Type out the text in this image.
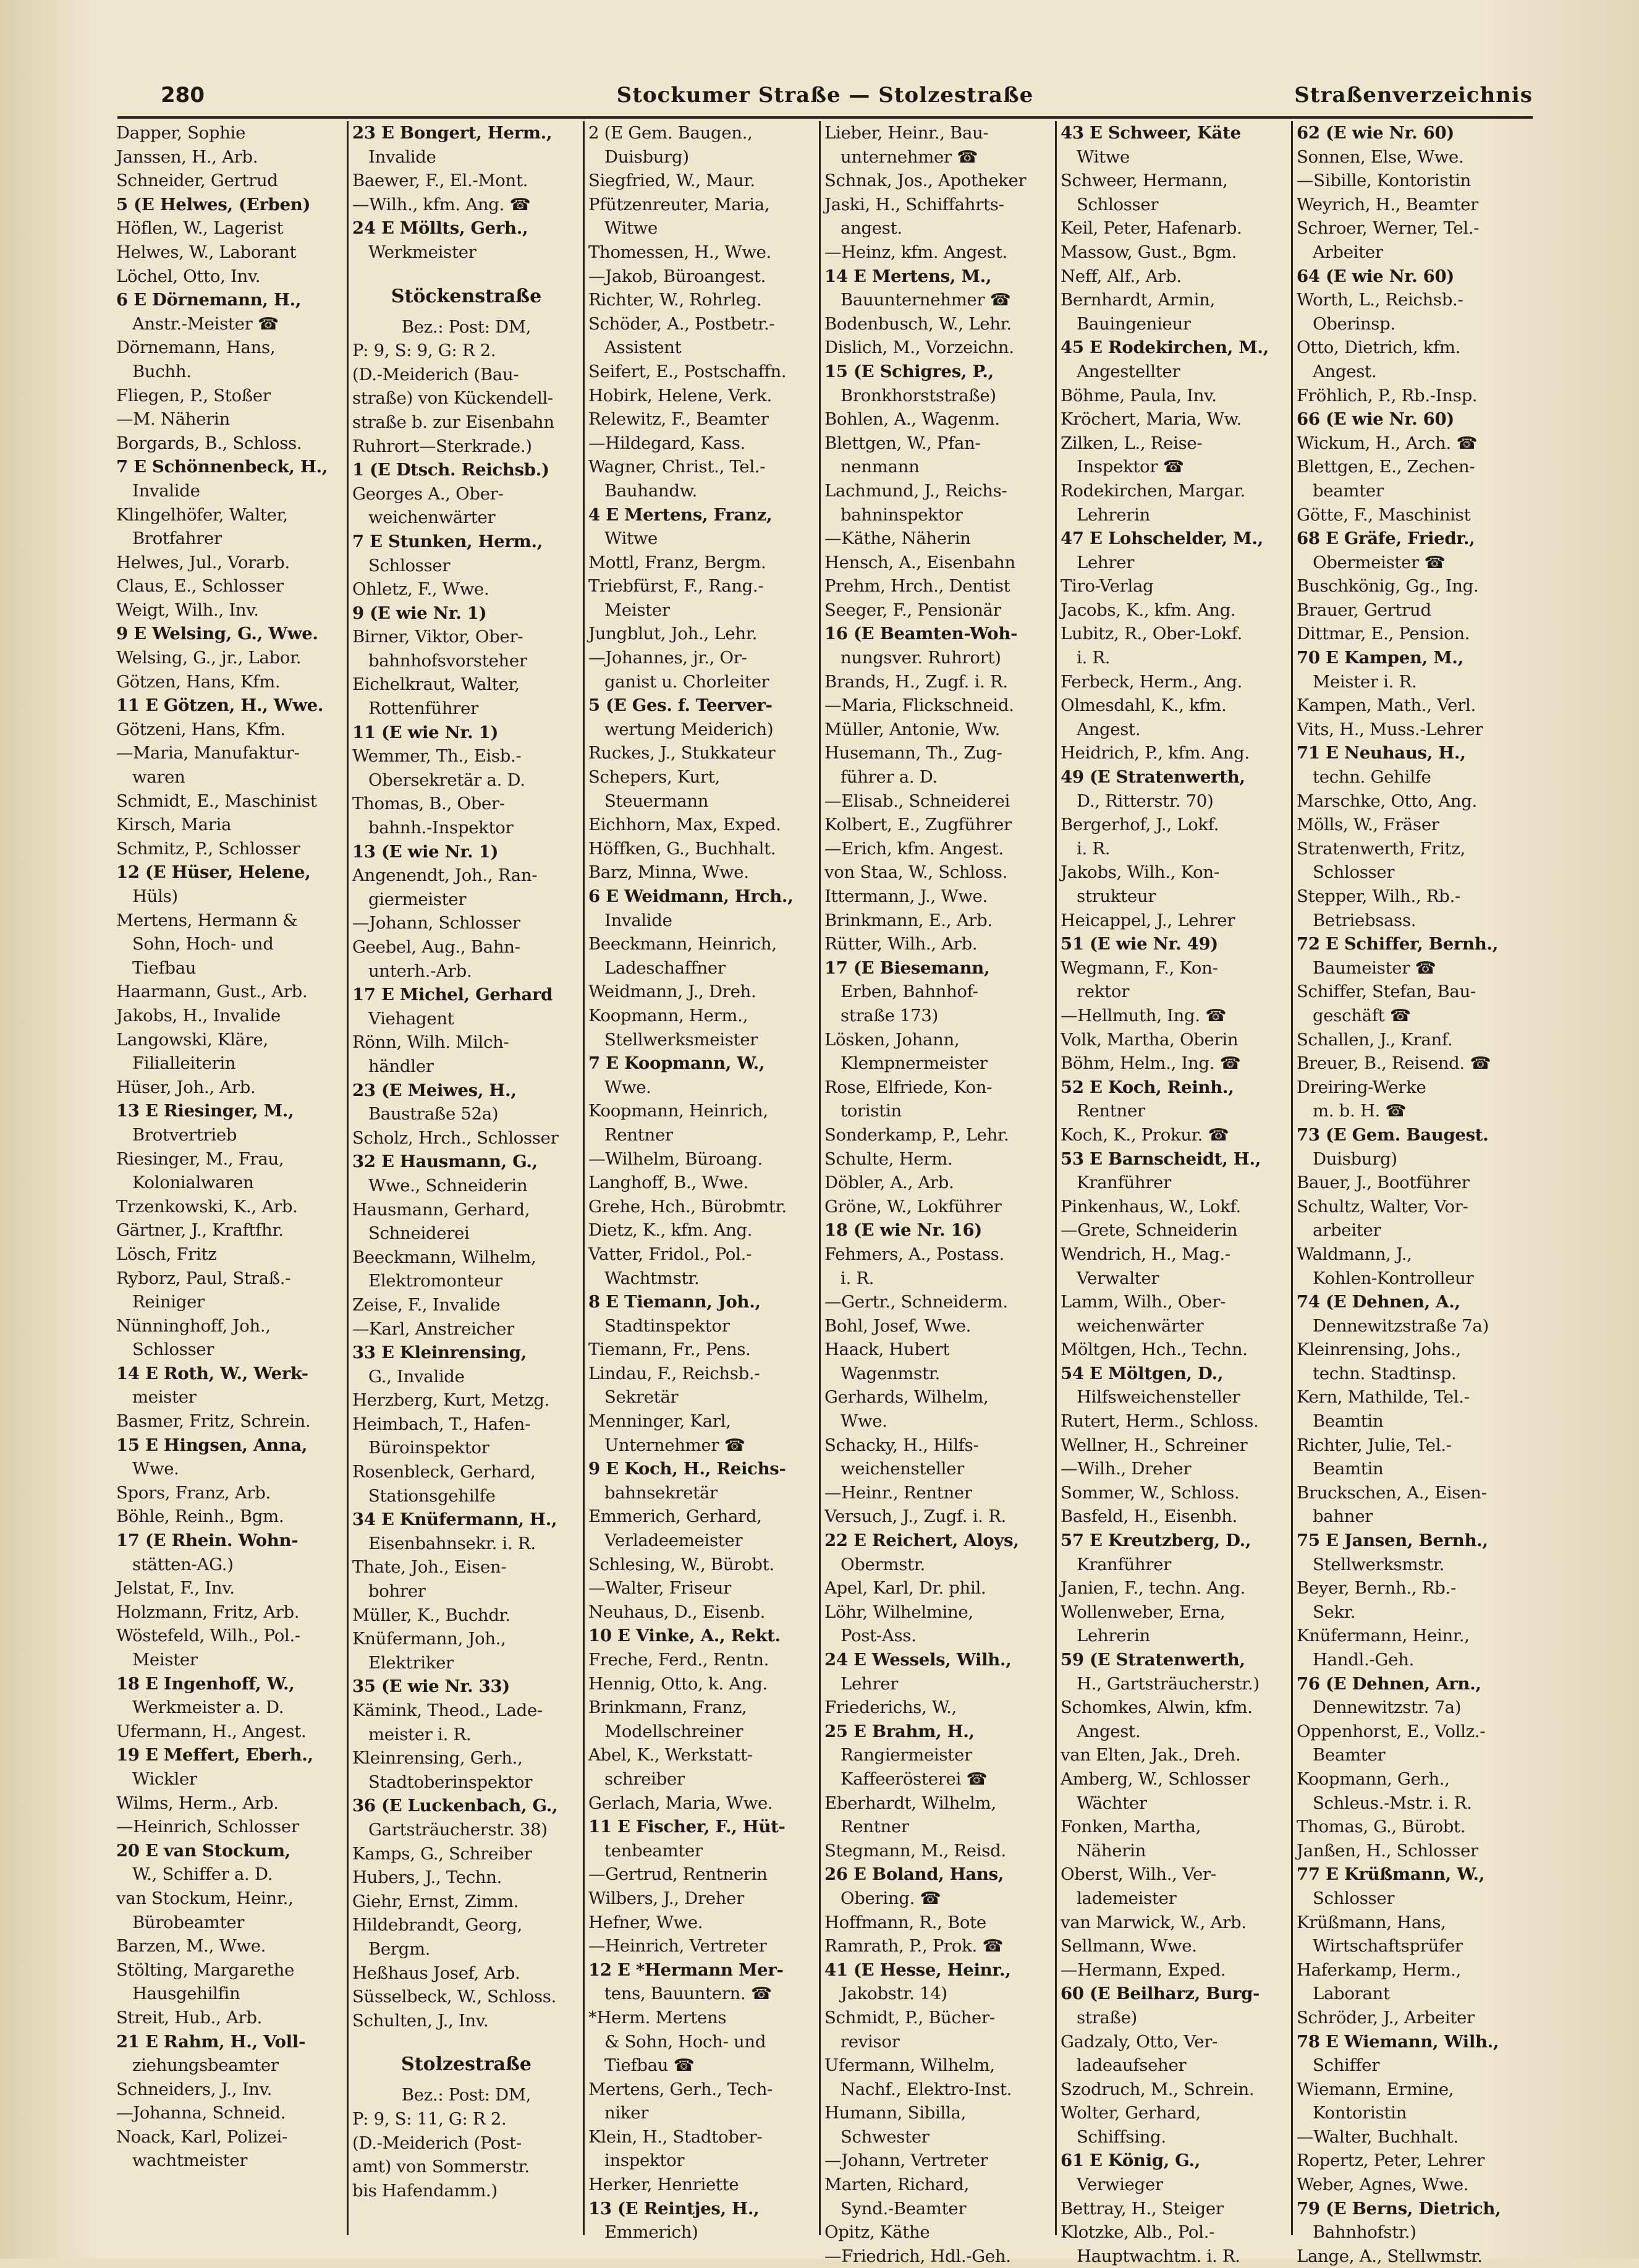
280	Stockumer Straße — Stolzestraße	Straßenverzeichnis
Dapper, Sophie
Janssen, H., Arb.
Schneider, Gertrud
5 (E Helwes, (Erben)
Höflen, W., Lagerist
Helwes, W., Laborant
Löchel, Otto, Inv.
6 E Dörnemann, H.,
Anstr.-Meister ☎
Dörnemann, Hans,
Buchh.
Fliegen, P., Stoßer
—M. Näherin
Borgards, B., Schloss.
7 E Schönnenbeck, H.,
Invalide
Klingelhöfer, Walter,
Brotfahrer
Helwes, Jul., Vorarb.
Claus, E., Schlosser
Weigt, Wilh., Inv.
9 E Welsing, G., Wwe.
Welsing, G., jr., Labor.
Götzen, Hans, Kfm.
11 E Götzen, H., Wwe.
Götzeni, Hans, Kfm.
—Maria, Manufaktur-
waren
Schmidt, E., Maschinist
Kirsch, Maria
Schmitz, P., Schlosser
12 (E Hüser, Helene,
Hüls)
Mertens, Hermann &
Sohn, Hoch- und
Tiefbau
Haarmann, Gust., Arb.
Jakobs, H., Invalide
Langowski, Kläre,
Filialleiterin
Hüser, Joh., Arb.
13 E Riesinger, M.,
Brotvertrieb
Riesinger, M., Frau,
Kolonialwaren
Trzenkowski, K., Arb.
Gärtner, J., Kraftfhr.
Lösch, Fritz
Ryborz, Paul, Straß.-
Reiniger
Nünninghoff, Joh.,
Schlosser
14 E Roth, W., Werk-
meister
Basmer, Fritz, Schrein.
15 E Hingsen, Anna,
Wwe.
Spors, Franz, Arb.
Böhle, Reinh., Bgm.
17 (E Rhein. Wohn-
stätten-AG.)
Jelstat, F., Inv.
Holzmann, Fritz, Arb.
Wöstefeld, Wilh., Pol.-
Meister
18 E Ingenhoff, W.,
Werkmeister a. D.
Ufermann, H., Angest.
19 E Meffert, Eberh.,
Wickler
Wilms, Herm., Arb.
—Heinrich, Schlosser
20 E van Stockum,
W., Schiffer a. D.
van Stockum, Heinr.,
Bürobeamter
Barzen, M., Wwe.
Stölting, Margarethe
Hausgehilfin
Streit, Hub., Arb.
21 E Rahm, H., Voll-
ziehungsbeamter
Schneiders, J., Inv.
—Johanna, Schneid.
Noack, Karl, Polizei-
wachtmeister
23 E Bongert, Herm.,
Invalide
Baewer, F., El.-Mont.
—Wilh., kfm. Ang. ☎
24 E Möllts, Gerh.,
Werkmeister
Stöckenstraße
Bez.: Post: DM,
P: 9, S: 9, G: R 2.
(D.-Meiderich (Bau-
straße) von Kückendell-
straße b. zur Eisenbahn
Ruhrort—Sterkrade.)
1 (E Dtsch. Reichsb.)
Georges A., Ober-
weichenwärter
7 E Stunken, Herm.,
Schlosser
Ohletz, F., Wwe.
9 (E wie Nr. 1)
Birner, Viktor, Ober-
bahnhofsvorsteher
Eichelkraut, Walter,
Rottenführer
11 (E wie Nr. 1)
Wemmer, Th., Eisb.-
Obersekretär a. D.
Thomas, B., Ober-
bahnh.-Inspektor
13 (E wie Nr. 1)
Angenendt, Joh., Ran-
giermeister
—Johann, Schlosser
Geebel, Aug., Bahn-
unterh.-Arb.
17 E Michel, Gerhard
Viehagent
Rönn, Wilh. Milch-
händler
23 (E Meiwes, H.,
Baustraße 52a)
Scholz, Hrch., Schlosser
32 E Hausmann, G.,
Wwe., Schneiderin
Hausmann, Gerhard,
Schneiderei
Beeckmann, Wilhelm,
Elektromonteur
Zeise, F., Invalide
—Karl, Anstreicher
33 E Kleinrensing,
G., Invalide
Herzberg, Kurt, Metzg.
Heimbach, T., Hafen-
Büroinspektor
Rosenbleck, Gerhard,
Stationsgehilfe
34 E Knüfermann, H.,
Eisenbahnsekr. i. R.
Thate, Joh., Eisen-
bohrer
Müller, K., Buchdr.
Knüfermann, Joh.,
Elektriker
35 (E wie Nr. 33)
Kämink, Theod., Lade-
meister i. R.
Kleinrensing, Gerh.,
Stadtoberinspektor
36 (E Luckenbach, G.,
Gartsträucherstr. 38)
Kamps, G., Schreiber
Hubers, J., Techn.
Giehr, Ernst, Zimm.
Hildebrandt, Georg,
Bergm.
Heßhaus Josef, Arb.
Süsselbeck, W., Schloss.
Schulten, J., Inv.
Stolzestraße
Bez.: Post: DM,
P: 9, S: 11, G: R 2.
(D.-Meiderich (Post-
amt) von Sommerstr.
bis Hafendamm.)
2 (E Gem. Baugen.,
Duisburg)
Siegfried, W., Maur.
Pfützenreuter, Maria,
Witwe
Thomessen, H., Wwe.
—Jakob, Büroangest.
Richter, W., Rohrleg.
Schöder, A., Postbetr.-
Assistent
Seifert, E., Postschaffn.
Hobirk, Helene, Verk.
Relewitz, F., Beamter
—Hildegard, Kass.
Wagner, Christ., Tel.-
Bauhandw.
4 E Mertens, Franz,
Witwe
Mottl, Franz, Bergm.
Triebfürst, F., Rang.-
Meister
Jungblut, Joh., Lehr.
—Johannes, jr., Or-
ganist u. Chorleiter
5 (E Ges. f. Teerver-
wertung Meiderich)
Ruckes, J., Stukkateur
Schepers, Kurt,
Steuermann
Eichhorn, Max, Exped.
Höffken, G., Buchhalt.
Barz, Minna, Wwe.
6 E Weidmann, Hrch.,
Invalide
Beeckmann, Heinrich,
Ladeschaffner
Weidmann, J., Dreh.
Koopmann, Herm.,
Stellwerksmeister
7 E Koopmann, W.,
Wwe.
Koopmann, Heinrich,
Rentner
—Wilhelm, Büroang.
Langhoff, B., Wwe.
Grehe, Hch., Bürobmtr.
Dietz, K., kfm. Ang.
Vatter, Fridol., Pol.-
Wachtmstr.
8 E Tiemann, Joh.,
Stadtinspektor
Tiemann, Fr., Pens.
Lindau, F., Reichsb.-
Sekretär
Menninger, Karl,
Unternehmer ☎
9 E Koch, H., Reichs-
bahnsekretär
Emmerich, Gerhard,
Verladeemeister
Schlesing, W., Bürobt.
—Walter, Friseur
Neuhaus, D., Eisenb.
10 E Vinke, A., Rekt.
Freche, Ferd., Rentn.
Hennig, Otto, k. Ang.
Brinkmann, Franz,
Modellschreiner
Abel, K., Werkstatt-
schreiber
Gerlach, Maria, Wwe.
11 E Fischer, F., Hüt-
tenbeamter
—Gertrud, Rentnerin
Wilbers, J., Dreher
Hefner, Wwe.
—Heinrich, Vertreter
12 E *Hermann Mer-
tens, Bauuntern. ☎
*Herm. Mertens
& Sohn, Hoch- und
Tiefbau ☎
Mertens, Gerh., Tech-
niker
Klein, H., Stadtober-
inspektor
Herker, Henriette
13 (E Reintjes, H.,
Emmerich)
Lieber, Heinr., Bau-
unternehmer ☎
Schnak, Jos., Apotheker
Jaski, H., Schiffahrts-
angest.
—Heinz, kfm. Angest.
14 E Mertens, M.,
Bauunternehmer ☎
Bodenbusch, W., Lehr.
Dislich, M., Vorzeichn.
15 (E Schigres, P.,
Bronkhorststraße)
Bohlen, A., Wagenm.
Blettgen, W., Pfan-
nenmann
Lachmund, J., Reichs-
bahninspektor
—Käthe, Näherin
Hensch, A., Eisenbahn
Prehm, Hrch., Dentist
Seeger, F., Pensionär
16 (E Beamten-Woh-
nungsver. Ruhrort)
Brands, H., Zugf. i. R.
—Maria, Flickschneid.
Müller, Antonie, Ww.
Husemann, Th., Zug-
führer a. D.
—Elisab., Schneiderei
Kolbert, E., Zugführer
—Erich, kfm. Angest.
von Staa, W., Schloss.
Ittermann, J., Wwe.
Brinkmann, E., Arb.
Rütter, Wilh., Arb.
17 (E Biesemann,
Erben, Bahnhof-
straße 173)
Lösken, Johann,
Klempnermeister
Rose, Elfriede, Kon-
toristin
Sonderkamp, P., Lehr.
Schulte, Herm.
Döbler, A., Arb.
Gröne, W., Lokführer
18 (E wie Nr. 16)
Fehmers, A., Postass.
i. R.
—Gertr., Schneiderm.
Bohl, Josef, Wwe.
Haack, Hubert
Wagenmstr.
Gerhards, Wilhelm,
Wwe.
Schacky, H., Hilfs-
weichensteller
—Heinr., Rentner
Versuch, J., Zugf. i. R.
22 E Reichert, Aloys,
Obermstr.
Apel, Karl, Dr. phil.
Löhr, Wilhelmine,
Post-Ass.
24 E Wessels, Wilh.,
Lehrer
Friederichs, W.,
25 E Brahm, H.,
Rangiermeister
Kaffeerösterei ☎
Eberhardt, Wilhelm,
Rentner
Stegmann, M., Reisd.
26 E Boland, Hans,
Obering. ☎
Hoffmann, R., Bote
Ramrath, P., Prok. ☎
41 (E Hesse, Heinr.,
Jakobstr. 14)
Schmidt, P., Bücher-
revisor
Ufermann, Wilhelm,
Nachf., Elektro-Inst.
Humann, Sibilla,
Schwester
—Johann, Vertreter
Marten, Richard,
Synd.-Beamter
Opitz, Käthe
—Friedrich, Hdl.-Geh.
43 E Schweer, Käte
Witwe
Schweer, Hermann,
Schlosser
Keil, Peter, Hafenarb.
Massow, Gust., Bgm.
Neff, Alf., Arb.
Bernhardt, Armin,
Bauingenieur
45 E Rodekirchen, M.,
Angestellter
Böhme, Paula, Inv.
Kröchert, Maria, Ww.
Zilken, L., Reise-
Inspektor ☎
Rodekirchen, Margar.
Lehrerin
47 E Lohschelder, M.,
Lehrer
Tiro-Verlag
Jacobs, K., kfm. Ang.
Lubitz, R., Ober-Lokf.
i. R.
Ferbeck, Herm., Ang.
Olmesdahl, K., kfm.
Angest.
Heidrich, P., kfm. Ang.
49 (E Stratenwerth,
D., Ritterstr. 70)
Bergerhof, J., Lokf.
i. R.
Jakobs, Wilh., Kon-
strukteur
Heicappel, J., Lehrer
51 (E wie Nr. 49)
Wegmann, F., Kon-
rektor
—Hellmuth, Ing. ☎
Volk, Martha, Oberin
Böhm, Helm., Ing. ☎
52 E Koch, Reinh.,
Rentner
Koch, K., Prokur. ☎
53 E Barnscheidt, H.,
Kranführer
Pinkenhaus, W., Lokf.
—Grete, Schneiderin
Wendrich, H., Mag.-
Verwalter
Lamm, Wilh., Ober-
weichenwärter
Möltgen, Hch., Techn.
54 E Möltgen, D.,
Hilfsweichensteller
Rutert, Herm., Schloss.
Wellner, H., Schreiner
—Wilh., Dreher
Sommer, W., Schloss.
Basfeld, H., Eisenbh.
57 E Kreutzberg, D.,
Kranführer
Janien, F., techn. Ang.
Wollenweber, Erna,
Lehrerin
59 (E Stratenwerth,
H., Gartsträucherstr.)
Schomkes, Alwin, kfm.
Angest.
van Elten, Jak., Dreh.
Amberg, W., Schlosser
Wächter
Fonken, Martha,
Näherin
Oberst, Wilh., Ver-
lademeister
van Marwick, W., Arb.
Sellmann, Wwe.
—Hermann, Exped.
60 (E Beilharz, Burg-
straße)
Gadzaly, Otto, Ver-
ladeaufseher
Szodruch, M., Schrein.
Wolter, Gerhard,
Schiffsing.
61 E König, G.,
Verwieger
Bettray, H., Steiger
Klotzke, Alb., Pol.-
Hauptwachtm. i. R.
62 (E wie Nr. 60)
Sonnen, Else, Wwe.
—Sibille, Kontoristin
Weyrich, H., Beamter
Schroer, Werner, Tel.-
Arbeiter
64 (E wie Nr. 60)
Worth, L., Reichsb.-
Oberinsp.
Otto, Dietrich, kfm.
Angest.
Fröhlich, P., Rb.-Insp.
66 (E wie Nr. 60)
Wickum, H., Arch. ☎
Blettgen, E., Zechen-
beamter
Götte, F., Maschinist
68 E Gräfe, Friedr.,
Obermeister ☎
Buschkönig, Gg., Ing.
Brauer, Gertrud
Dittmar, E., Pension.
70 E Kampen, M.,
Meister i. R.
Kampen, Math., Verl.
Vits, H., Muss.-Lehrer
71 E Neuhaus, H.,
techn. Gehilfe
Marschke, Otto, Ang.
Mölls, W., Fräser
Stratenwerth, Fritz,
Schlosser
Stepper, Wilh., Rb.-
Betriebsass.
72 E Schiffer, Bernh.,
Baumeister ☎
Schiffer, Stefan, Bau-
geschäft ☎
Schallen, J., Kranf.
Breuer, B., Reisend. ☎
Dreiring-Werke
m. b. H. ☎
73 (E Gem. Baugest.
Duisburg)
Bauer, J., Bootführer
Schultz, Walter, Vor-
arbeiter
Waldmann, J.,
Kohlen-Kontrolleur
74 (E Dehnen, A.,
Dennewitzstraße 7a)
Kleinrensing, Johs.,
techn. Stadtinsp.
Kern, Mathilde, Tel.-
Beamtin
Richter, Julie, Tel.-
Beamtin
Bruckschen, A., Eisen-
bahner
75 E Jansen, Bernh.,
Stellwerksmstr.
Beyer, Bernh., Rb.-
Sekr.
Knüfermann, Heinr.,
Handl.-Geh.
76 (E Dehnen, Arn.,
Dennewitzstr. 7a)
Oppenhorst, E., Vollz.-
Beamter
Koopmann, Gerh.,
Schleus.-Mstr. i. R.
Thomas, G., Bürobt.
Janßen, H., Schlosser
77 E Krüßmann, W.,
Schlosser
Krüßmann, Hans,
Wirtschaftsprüfer
Haferkamp, Herm.,
Laborant
Schröder, J., Arbeiter
78 E Wiemann, Wilh.,
Schiffer
Wiemann, Ermine,
Kontoristin
—Walter, Buchhalt.
Ropertz, Peter, Lehrer
Weber, Agnes, Wwe.
79 (E Berns, Dietrich,
Bahnhofstr.)
Lange, A., Stellwmstr.
